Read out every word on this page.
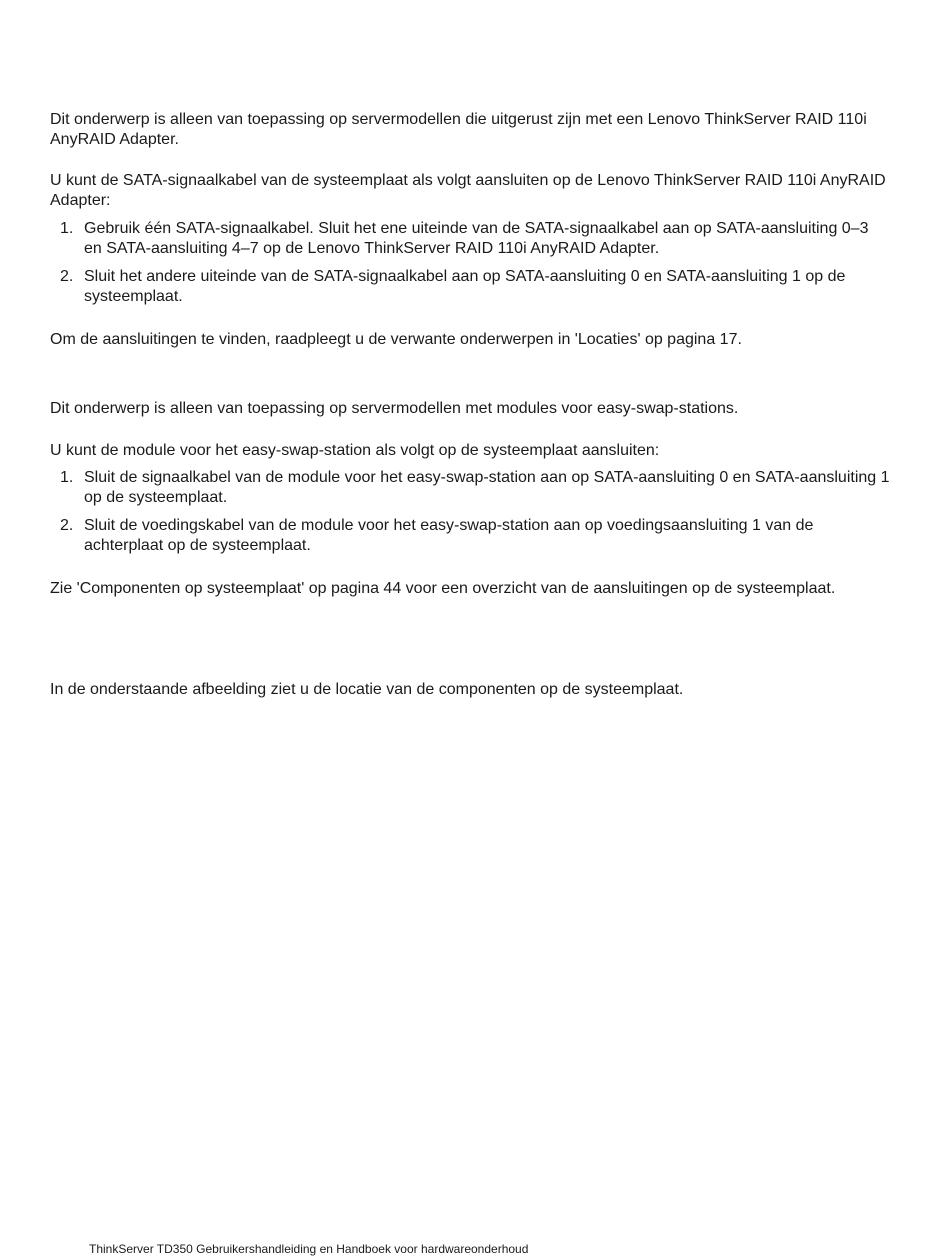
Dit onderwerp is alleen van toepassing op servermodellen die uitgerust zijn met een Lenovo ThinkServer RAID 110i AnyRAID Adapter.

U kunt de SATA-signaalkabel van de systeemplaat als volgt aansluiten op de Lenovo ThinkServer RAID 110i AnyRAID Adapter:

1. Gebruik één SATA-signaalkabel. Sluit het ene uiteinde van de SATA-signaalkabel aan op SATA-aansluiting 0–3 en SATA-aansluiting 4–7 op de Lenovo ThinkServer RAID 110i AnyRAID Adapter.
2. Sluit het andere uiteinde van de SATA-signaalkabel aan op SATA-aansluiting 0 en SATA-aansluiting 1 op de systeemplaat.

Om de aansluitingen te vinden, raadpleegt u de verwante onderwerpen in 'Locaties' op pagina 17.

Dit onderwerp is alleen van toepassing op servermodellen met modules voor easy-swap-stations.

U kunt de module voor het easy-swap-station als volgt op de systeemplaat aansluiten:

1. Sluit de signaalkabel van de module voor het easy-swap-station aan op SATA-aansluiting 0 en SATA-aansluiting 1 op de systeemplaat.
2. Sluit de voedingskabel van de module voor het easy-swap-station aan op voedingsaansluiting 1 van de achterplaat op de systeemplaat.

Zie 'Componenten op systeemplaat' op pagina 44 voor een overzicht van de aansluitingen op de systeemplaat.

In de onderstaande afbeelding ziet u de locatie van de componenten op de systeemplaat.

ThinkServer TD350 Gebruikershandleiding en Handboek voor hardwareonderhoud
